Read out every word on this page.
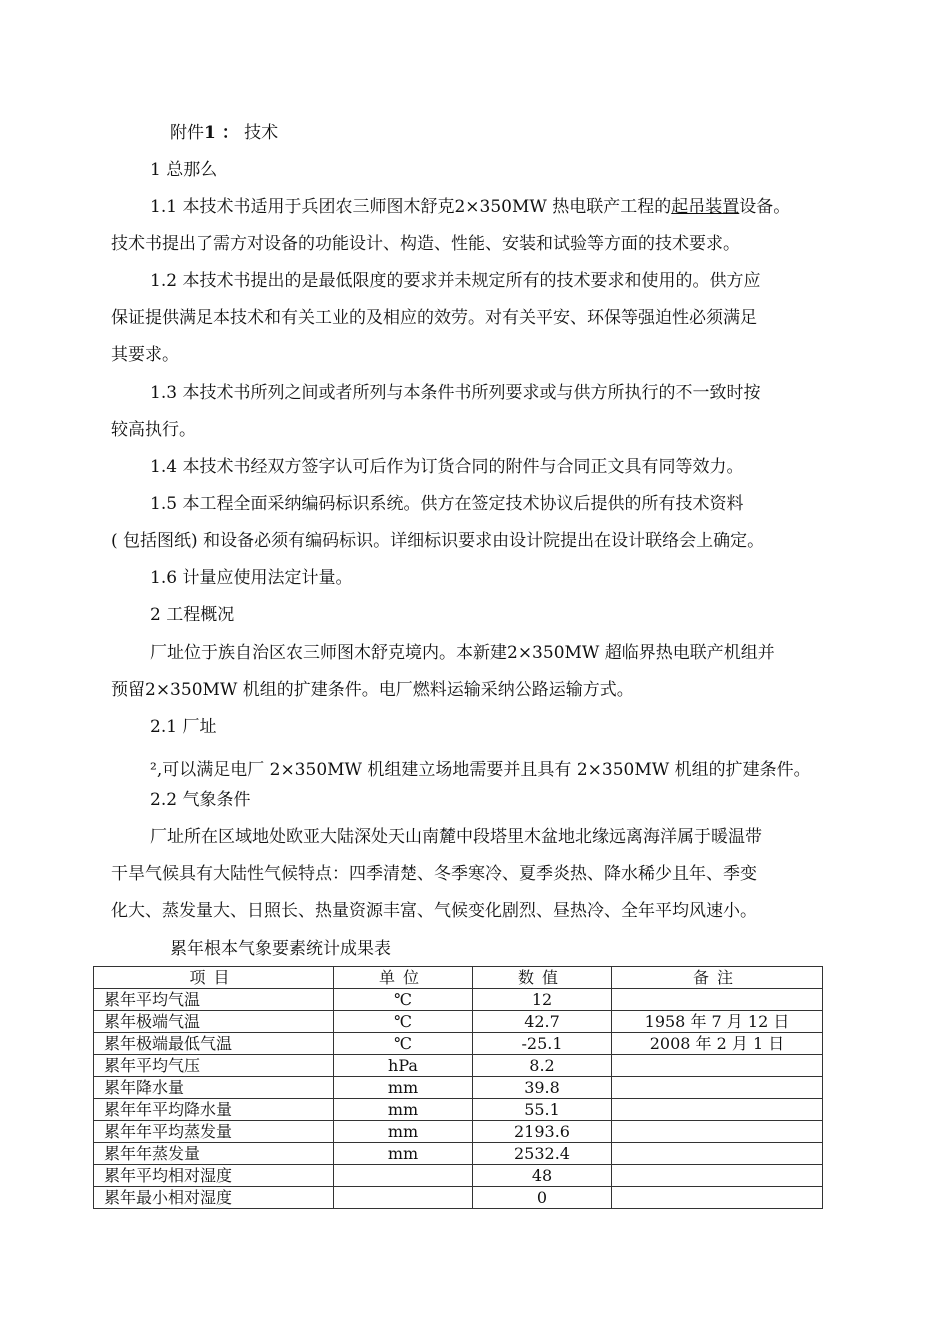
附件1 ： 技术
1 总那么
1.1 本技术书适用于兵团农三师图木舒克2×350MW 热电联产工程的起吊装置设备。
技术书提出了需方对设备的功能设计、构造、性能、安装和试验等方面的技术要求。
1.2 本技术书提出的是最低限度的要求并未规定所有的技术要求和使用的。供方应
保证提供满足本技术和有关工业的及相应的效劳。对有关平安、环保等强迫性必须满足
其要求。
1.3 本技术书所列之间或者所列与本条件书所列要求或与供方所执行的不一致时按
较高执行。
1.4 本技术书经双方签字认可后作为订货合同的附件与合同正文具有同等效力。
1.5 本工程全面采纳编码标识系统。供方在签定技术协议后提供的所有技术资料
( 包括图纸) 和设备必须有编码标识。详细标识要求由设计院提出在设计联络会上确定。
1.6 计量应使用法定计量。
2 工程概况
厂址位于族自治区农三师图木舒克境内。本新建2×350MW 超临界热电联产机组并
预留2×350MW 机组的扩建条件。电厂燃料运输采纳公路运输方式。
2.1 厂址
²,可以满足电厂 2×350MW 机组建立场地需要并且具有 2×350MW 机组的扩建条件。
2.2 气象条件
厂址所在区域地处欧亚大陆深处天山南麓中段塔里木盆地北缘远离海洋属于暖温带
干旱气候具有大陆性气候特点：四季清楚、冬季寒冷、夏季炎热、降水稀少且年、季变
化大、蒸发量大、日照长、热量资源丰富、气候变化剧烈、昼热冷、全年平均风速小。
累年根本气象要素统计成果表
项目	单位	数值	备注
累年平均气温	℃	12	
累年极端气温	℃	42.7	1958 年 7 月 12 日
累年极端最低气温	℃	-25.1	2008 年 2 月 1 日
累年平均气压	hPa	8.2	
累年降水量	mm	39.8	
累年年平均降水量	mm	55.1	
累年年平均蒸发量	mm	2193.6	
累年年蒸发量	mm	2532.4	
累年平均相对湿度		48	
累年最小相对湿度		0	
